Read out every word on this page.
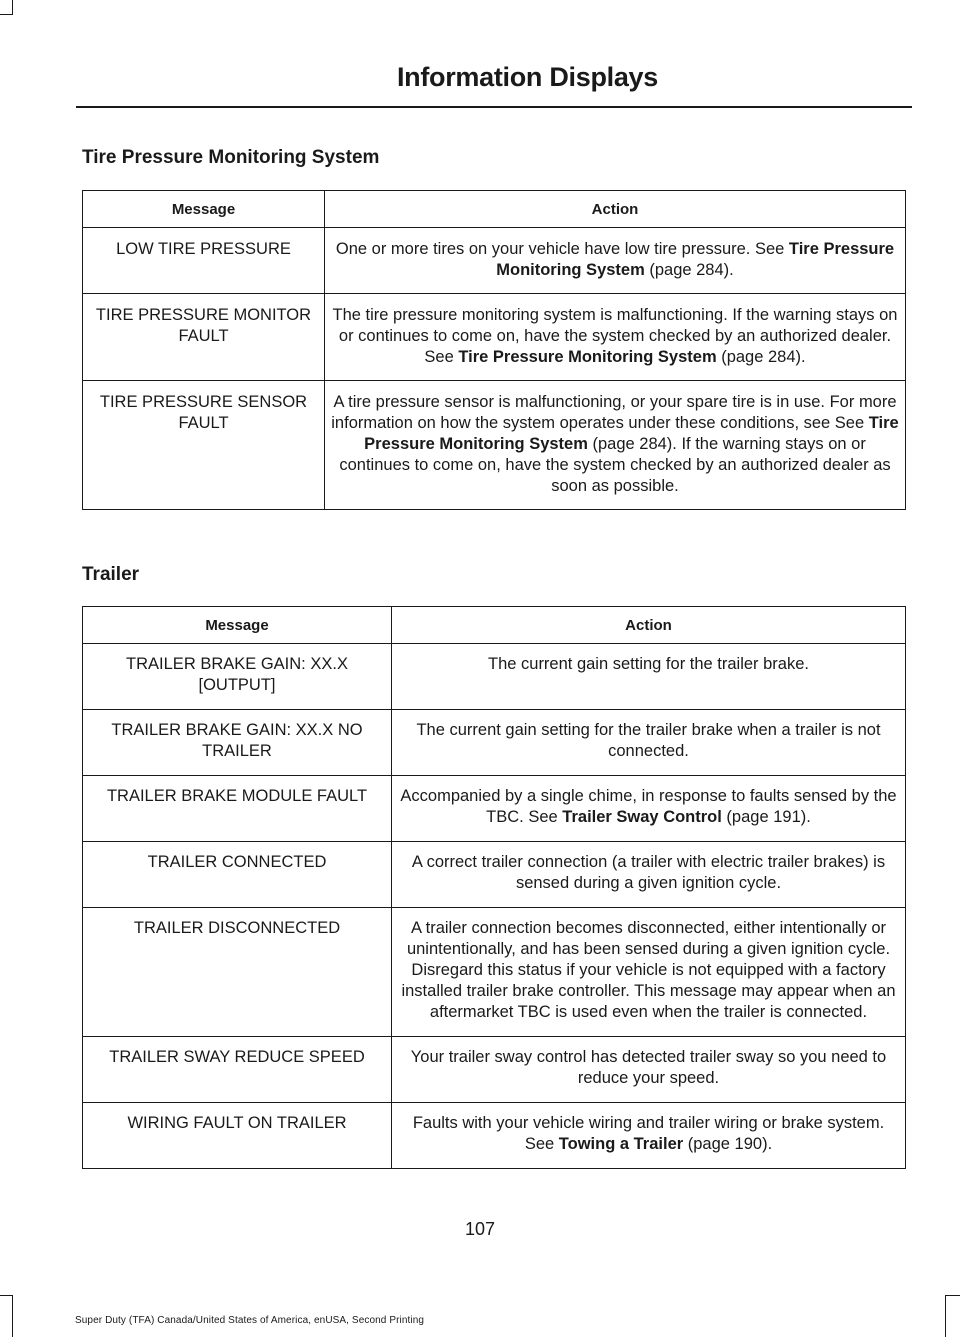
Information Displays
Tire Pressure Monitoring System
Message	Action
LOW TIRE PRESSURE	One or more tires on your vehicle have low tire pressure. See Tire Pressure Monitoring System (page 284).
TIRE PRESSURE MONITOR FAULT	The tire pressure monitoring system is malfunctioning. If the warning stays on or continues to come on, have the system checked by an authorized dealer. See Tire Pressure Monitoring System (page 284).
TIRE PRESSURE SENSOR FAULT	A tire pressure sensor is malfunctioning, or your spare tire is in use. For more information on how the system operates under these conditions, see See Tire Pressure Monitoring System (page 284). If the warning stays on or continues to come on, have the system checked by an authorized dealer as soon as possible.
Trailer
Message	Action
TRAILER BRAKE GAIN: XX.X [OUTPUT]	The current gain setting for the trailer brake.
TRAILER BRAKE GAIN: XX.X NO TRAILER	The current gain setting for the trailer brake when a trailer is not connected.
TRAILER BRAKE MODULE FAULT	Accompanied by a single chime, in response to faults sensed by the TBC. See Trailer Sway Control (page 191).
TRAILER CONNECTED	A correct trailer connection (a trailer with electric trailer brakes) is sensed during a given ignition cycle.
TRAILER DISCONNECTED	A trailer connection becomes disconnected, either intentionally or unintentionally, and has been sensed during a given ignition cycle. Disregard this status if your vehicle is not equipped with a factory installed trailer brake controller. This message may appear when an aftermarket TBC is used even when the trailer is connected.
TRAILER SWAY REDUCE SPEED	Your trailer sway control has detected trailer sway so you need to reduce your speed.
WIRING FAULT ON TRAILER	Faults with your vehicle wiring and trailer wiring or brake system. See Towing a Trailer (page 190).
107
Super Duty (TFA) Canada/United States of America, enUSA, Second Printing
